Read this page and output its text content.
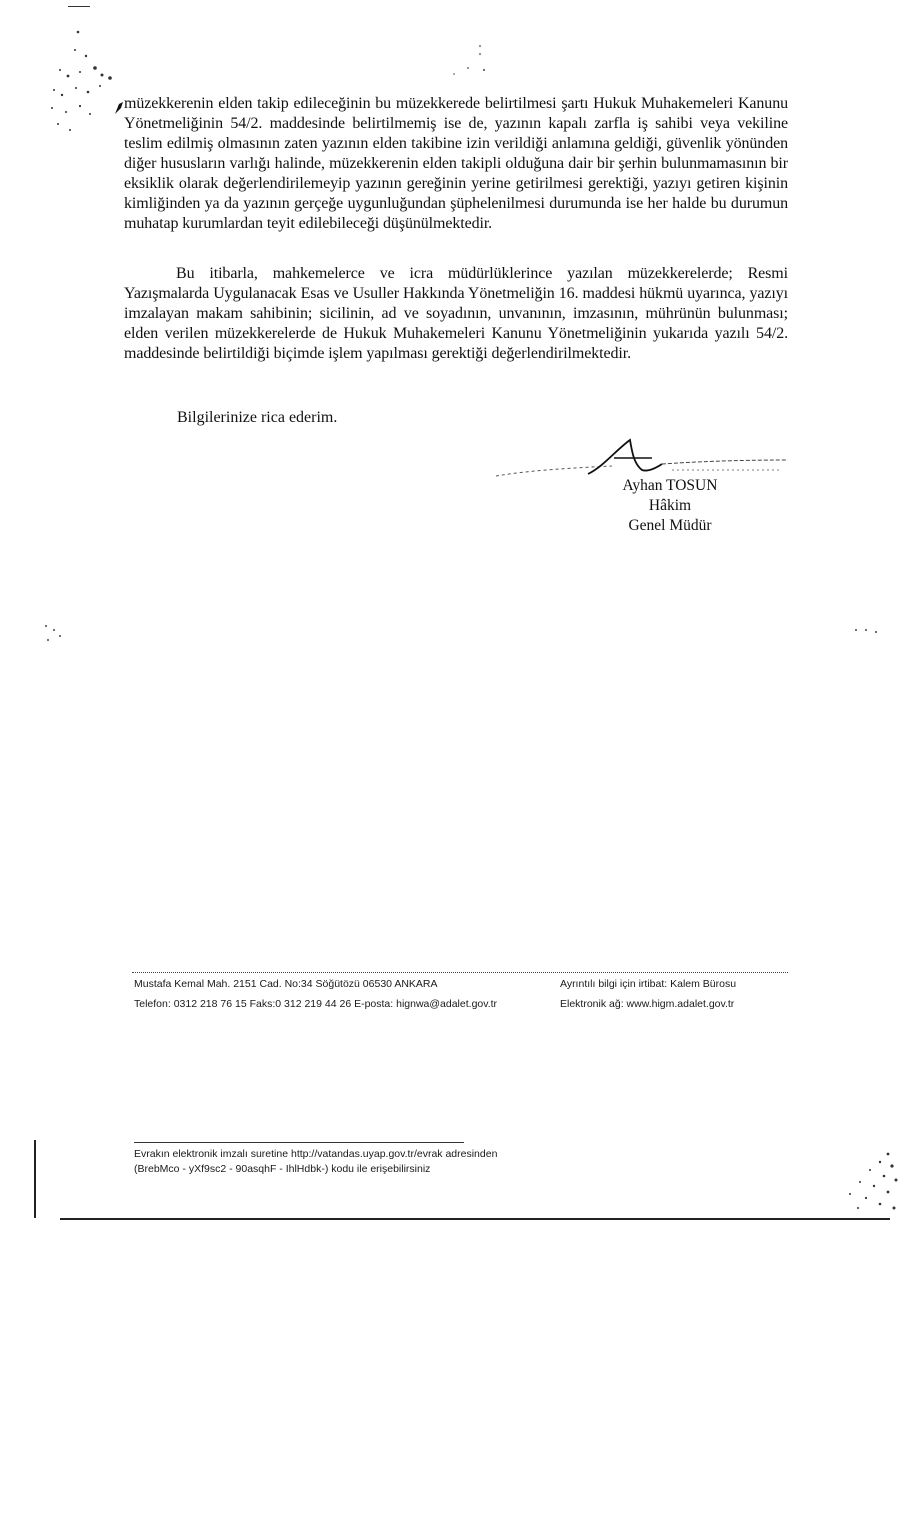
müzekkerenin elden takip edileceğinin bu müzekkerede belirtilmesi şartı Hukuk Muhakemeleri Kanunu Yönetmeliğinin 54/2. maddesinde belirtilmemiş ise de, yazının kapalı zarfla iş sahibi veya vekiline teslim edilmiş olmasının zaten yazının elden takibine izin verildiği anlamına geldiği, güvenlik yönünden diğer hususların varlığı halinde, müzekkerenin elden takipli olduğuna dair bir şerhin bulunmamasının bir eksiklik olarak değerlendirilemeyip yazının gereğinin yerine getirilmesi gerektiği, yazıyı getiren kişinin kimliğinden ya da yazının gerçeğe uygunluğundan şüphelenilmesi durumunda ise her halde bu durumun muhatap kurumlardan teyit edilebileceği düşünülmektedir.

Bu itibarla, mahkemelerce ve icra müdürlüklerince yazılan müzekkerelerde; Resmi Yazışmalarda Uygulanacak Esas ve Usuller Hakkında Yönetmeliğin 16. maddesi hükmü uyarınca, yazıyı imzalayan makam sahibinin; sicilinin, ad ve soyadının, unvanının, imzasının, mührünün bulunması; elden verilen müzekkerelerde de Hukuk Muhakemeleri Kanunu Yönetmeliğinin yukarıda yazılı 54/2. maddesinde belirtildiği biçimde işlem yapılması gerektiği değerlendirilmektedir.

Bilgilerinize rica ederim.
Ayhan TOSUN
Hâkim
Genel Müdür
Mustafa Kemal Mah. 2151 Cad. No:34 Söğütözü 06530 ANKARA
Telefon: 0312 218 76 15 Faks:0 312 219 44 26 E-posta: hignwa@adalet.gov.tr
Ayrıntılı bilgi için irtibat: Kalem Bürosu
Elektronik ağ: www.higm.adalet.gov.tr
Evrakın elektronik imzalı suretine http://vatandas.uyap.gov.tr/evrak adresinden
(BrebMco - yXf9sc2 - 90asqhF - IhlHdbk-) kodu ile erişebilirsiniz
